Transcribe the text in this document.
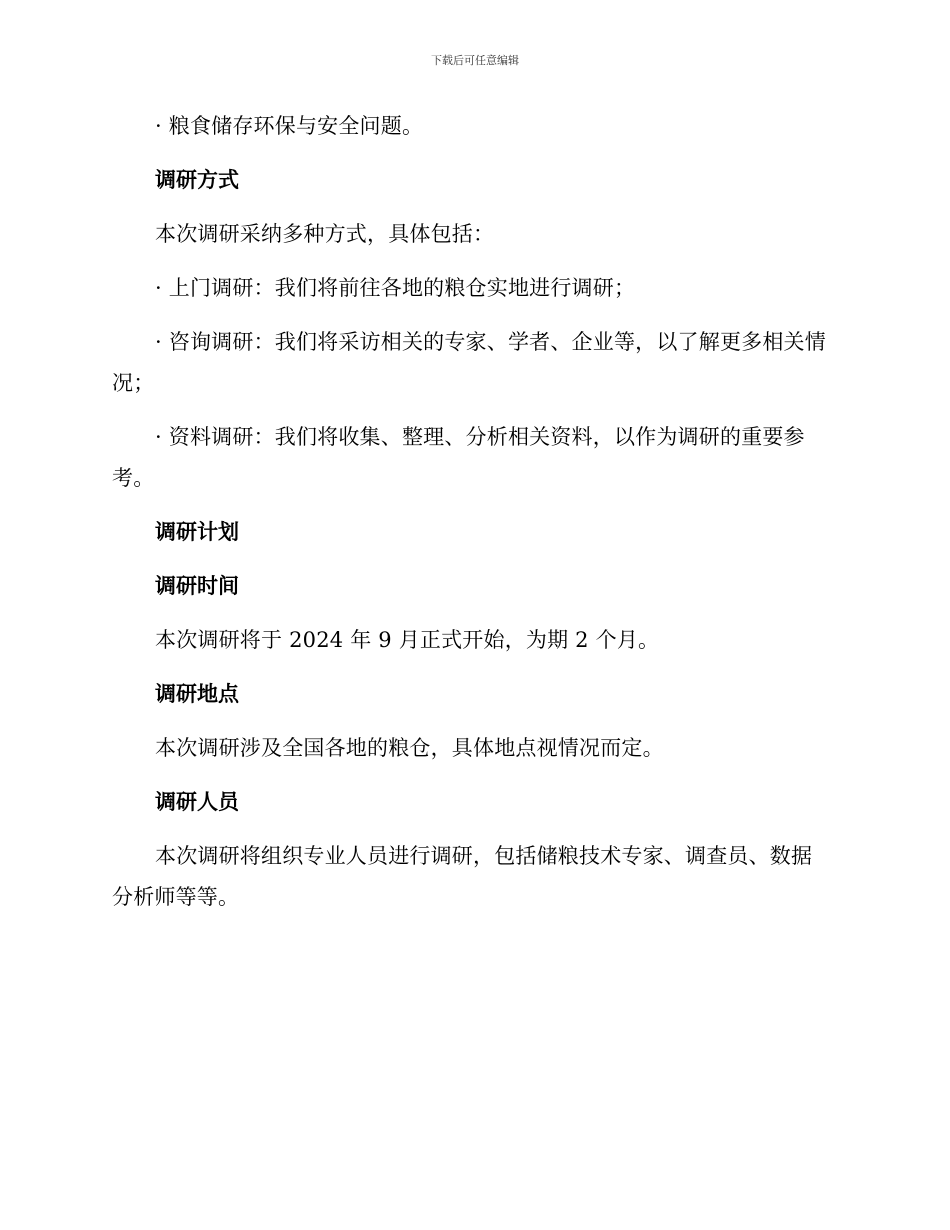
下载后可任意编辑

· 粮食储存环保与安全问题。

调研方式

本次调研采纳多种方式，具体包括：

· 上门调研：我们将前往各地的粮仓实地进行调研；

· 咨询调研：我们将采访相关的专家、学者、企业等，以了解更多相关情况；

· 资料调研：我们将收集、整理、分析相关资料，以作为调研的重要参考。

调研计划

调研时间

本次调研将于 2024 年 9 月正式开始，为期 2 个月。

调研地点

本次调研涉及全国各地的粮仓，具体地点视情况而定。

调研人员

本次调研将组织专业人员进行调研，包括储粮技术专家、调查员、数据分析师等等。
